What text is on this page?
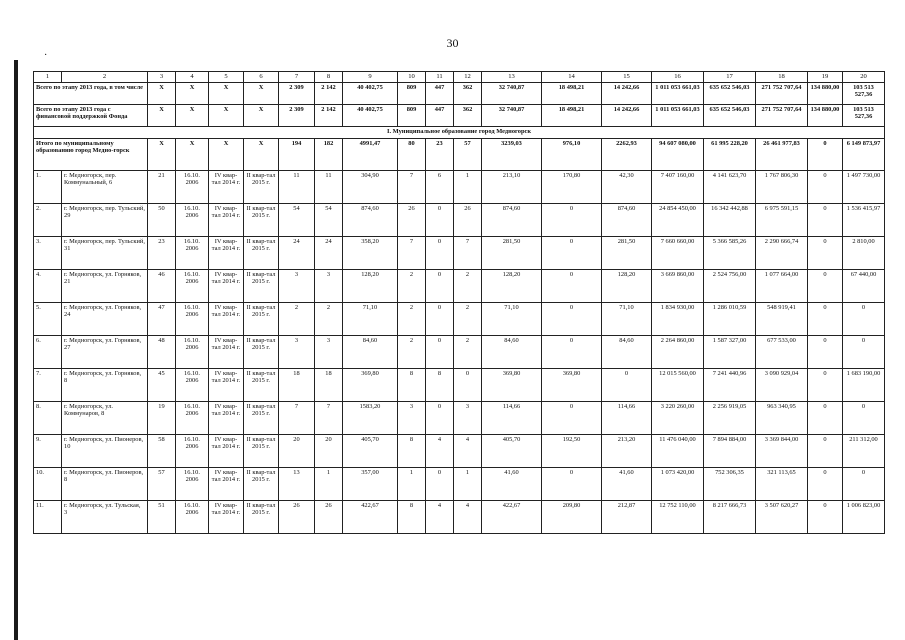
30
·
1	2	3	4	5	6	7	8	9	10	11	12	13	14	15	16	17	18	19	20
Всего по этапу 2013 года, в том числе		X	X	X	X	2 309	2 142	40 402,75	809	447	362	32 740,87	18 498,21	14 242,66	1 011 053 661,03	635 652 546,03	271 752 707,64	134 880,00	103 513 527,36
Всего по этапу 2013 года с финансовой поддержкой Фонда		X	X	X	X	2 309	2 142	40 402,75	809	447	362	32 740,87	18 498,21	14 242,66	1 011 053 661,03	635 652 546,03	271 752 707,64	134 880,00	103 513 527,36
I. Муниципальное образование город Медногорск																			
Итого по муниципальному образованию город Медно-горск		X	X	X	X	194	182	4991,47	80	23	57	3239,03	976,10	2262,93	94 607 080,00	61 995 228,20	26 461 977,83	0	6 149 873,97
1.	г. Медногорск, пер. Коммунальный, 6	21	16.10. 2006	IV квар-тал 2014 г.	II квар-тал 2015 г.	11	11	304,90	7	6	1	213,10	170,80	42,30	7 407 160,00	4 141 623,70	1 767 806,30	0	1 497 730,00
2.	г. Медногорск, пер. Тульский, 29	50	16.10. 2006	IV квар-тал 2014 г.	II квар-тал 2015 г.	54	54	874,60	26	0	26	874,60	0	874,60	24 854 450,00	16 342 442,88	6 975 591,15	0	1 536 415,97
3.	г. Медногорск, пер. Тульский, 31	23	16.10. 2006	IV квар-тал 2014 г.	II квар-тал 2015 г.	24	24	358,20	7	0	7	281,50	0	281,50	7 660 660,00	5 366 585,26	2 290 666,74	0	2 810,00
4.	г. Медногорск, ул. Горняков, 21	46	16.10. 2006	IV квар-тал 2014 г.	II квар-тал 2015 г.	3	3	128,20	2	0	2	128,20	0	128,20	3 669 860,00	2 524 756,00	1 077 664,00	0	67 440,00
5.	г. Медногорск, ул. Горняков, 24	47	16.10. 2006	IV квар-тал 2014 г.	II квар-тал 2015 г.	2	2	71,10	2	0	2	71,10	0	71,10	1 834 930,00	1 286 010,59	548 919,41	0	0
6.	г. Медногорск, ул. Горняков, 27	48	16.10. 2006	IV квар-тал 2014 г.	II квар-тал 2015 г.	3	3	84,60	2	0	2	84,60	0	84,60	2 264 860,00	1 587 327,00	677 533,00	0	0
7.	г. Медногорск, ул. Горняков, 8	45	16.10. 2006	IV квар-тал 2014 г.	II квар-тал 2015 г.	18	18	369,80	8	8	0	369,80	369,80	0	12 015 560,00	7 241 440,96	3 090 929,04	0	1 683 190,00
8.	г. Медногорск, ул. Коммунаров, 8	19	16.10. 2006	IV квар-тал 2014 г.	II квар-тал 2015 г.	7	7	1583,20	3	0	3	114,66	0	114,66	3 220 260,00	2 256 919,05	963 340,95	0	0
9.	г. Медногорск, ул. Пионеров, 10	58	16.10. 2006	IV квар-тал 2014 г.	II квар-тал 2015 г.	20	20	405,70	8	4	4	405,70	192,50	213,20	11 476 040,00	7 894 884,00	3 369 844,00	0	211 312,00
10.	г. Медногорск, ул. Пионеров, 8	57	16.10. 2006	IV квар-тал 2014 г.	II квар-тал 2015 г.	13	1	357,00	1	0	1	41,60	0	41,60	1 073 420,00	752 306,35	321 113,65	0	0
11.	г. Медногорск, ул. Тульская, 3	51	16.10. 2006	IV квар-тал 2014 г.	II квар-тал 2015 г.	26	26	422,67	8	4	4	422,67	209,80	212,87	12 752 110,00	8 217 666,73	3 507 620,27	0	1 006 823,00
